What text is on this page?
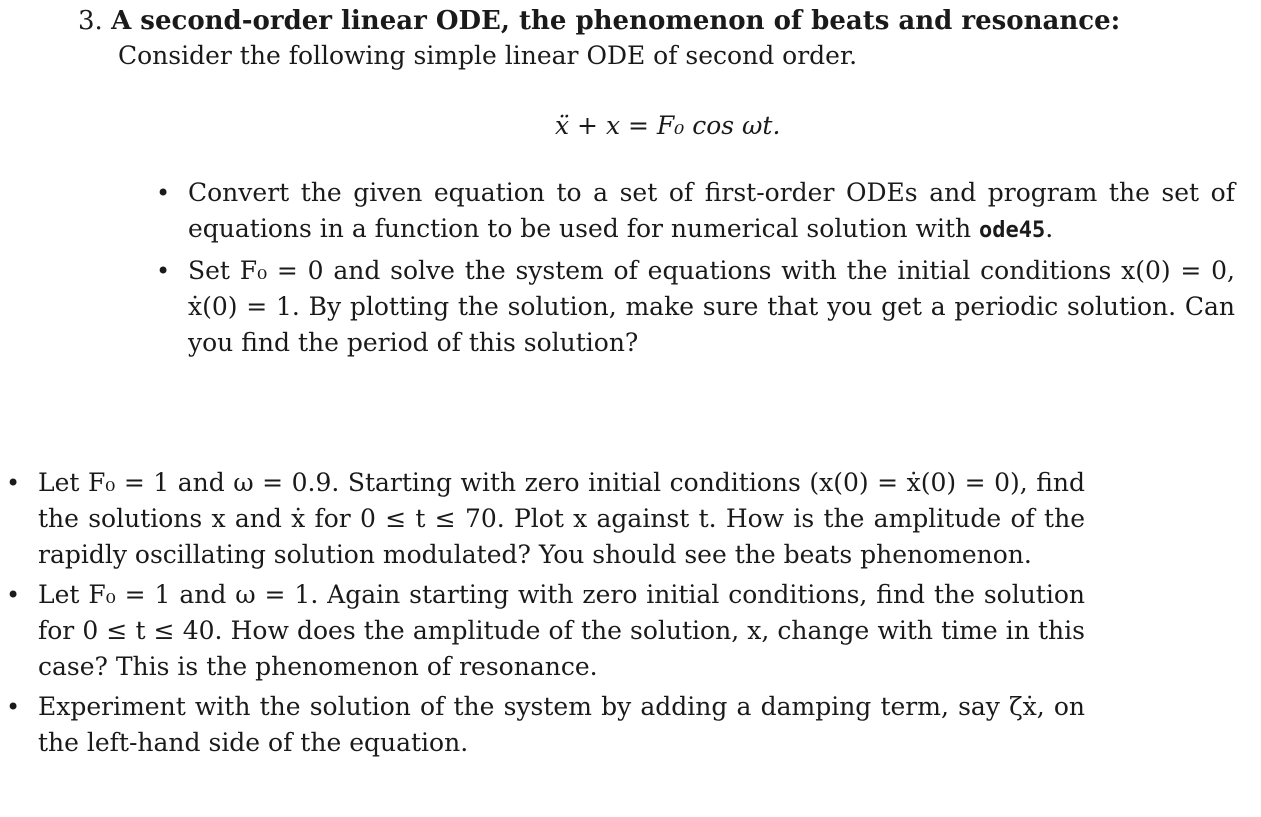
3. A second-order linear ODE, the phenomenon of beats and resonance:
Consider the following simple linear ODE of second order.
ẍ + x = F₀ cos ωt.
• Convert the given equation to a set of first-order ODEs and program the set of equations in a function to be used for numerical solution with ode45.
• Set F₀ = 0 and solve the system of equations with the initial conditions x(0) = 0, ẋ(0) = 1. By plotting the solution, make sure that you get a periodic solution. Can you find the period of this solution?
• Let F₀ = 1 and ω = 0.9. Starting with zero initial conditions (x(0) = ẋ(0) = 0), find the solutions x and ẋ for 0 ≤ t ≤ 70. Plot x against t. How is the amplitude of the rapidly oscillating solution modulated? You should see the beats phenomenon.
• Let F₀ = 1 and ω = 1. Again starting with zero initial conditions, find the solution for 0 ≤ t ≤ 40. How does the amplitude of the solution, x, change with time in this case? This is the phenomenon of resonance.
• Experiment with the solution of the system by adding a damping term, say ζẋ, on the left-hand side of the equation.
